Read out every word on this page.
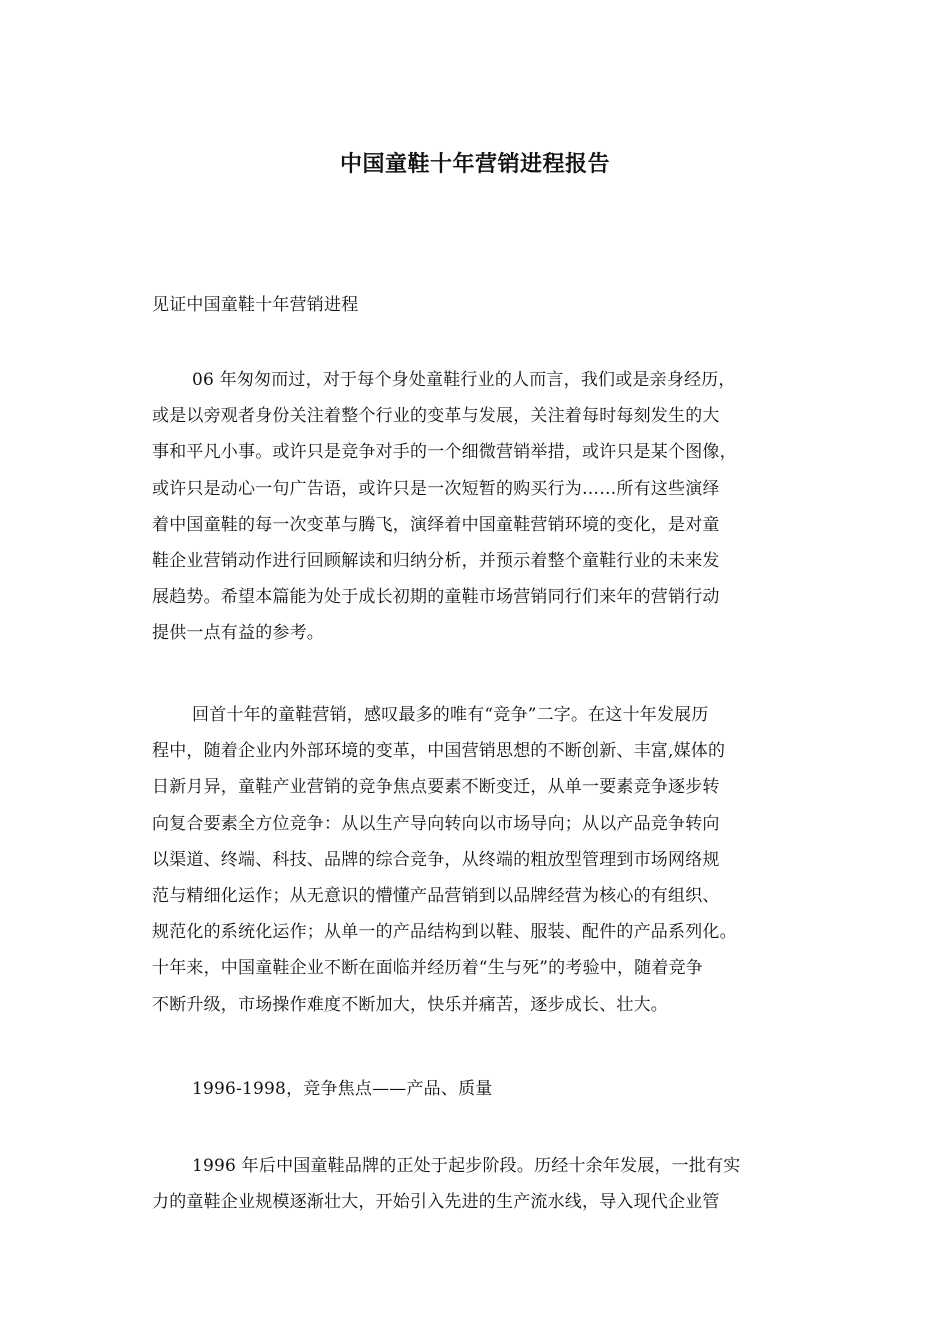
中国童鞋十年营销进程报告
见证中国童鞋十年营销进程
06 年匆匆而过，对于每个身处童鞋行业的人而言，我们或是亲身经历，
或是以旁观者身份关注着整个行业的变革与发展，关注着每时每刻发生的大
事和平凡小事。或许只是竞争对手的一个细微营销举措，或许只是某个图像，
或许只是动心一句广告语，或许只是一次短暂的购买行为……所有这些演绎
着中国童鞋的每一次变革与腾飞，演绎着中国童鞋营销环境的变化，是对童
鞋企业营销动作进行回顾解读和归纳分析，并预示着整个童鞋行业的未来发
展趋势。希望本篇能为处于成长初期的童鞋市场营销同行们来年的营销行动
提供一点有益的参考。
回首十年的童鞋营销，感叹最多的唯有“竞争”二字。在这十年发展历
程中，随着企业内外部环境的变革，中国营销思想的不断创新、丰富,媒体的
日新月异，童鞋产业营销的竞争焦点要素不断变迁，从单一要素竞争逐步转
向复合要素全方位竞争：从以生产导向转向以市场导向；从以产品竞争转向
以渠道、终端、科技、品牌的综合竞争，从终端的粗放型管理到市场网络规
范与精细化运作；从无意识的懵懂产品营销到以品牌经营为核心的有组织、
规范化的系统化运作；从单一的产品结构到以鞋、服装、配件的产品系列化。
十年来，中国童鞋企业不断在面临并经历着“生与死”的考验中，随着竞争
不断升级，市场操作难度不断加大，快乐并痛苦，逐步成长、壮大。
1996-1998，竞争焦点——产品、质量
1996 年后中国童鞋品牌的正处于起步阶段。历经十余年发展，一批有实
力的童鞋企业规模逐渐壮大，开始引入先进的生产流水线，导入现代企业管
